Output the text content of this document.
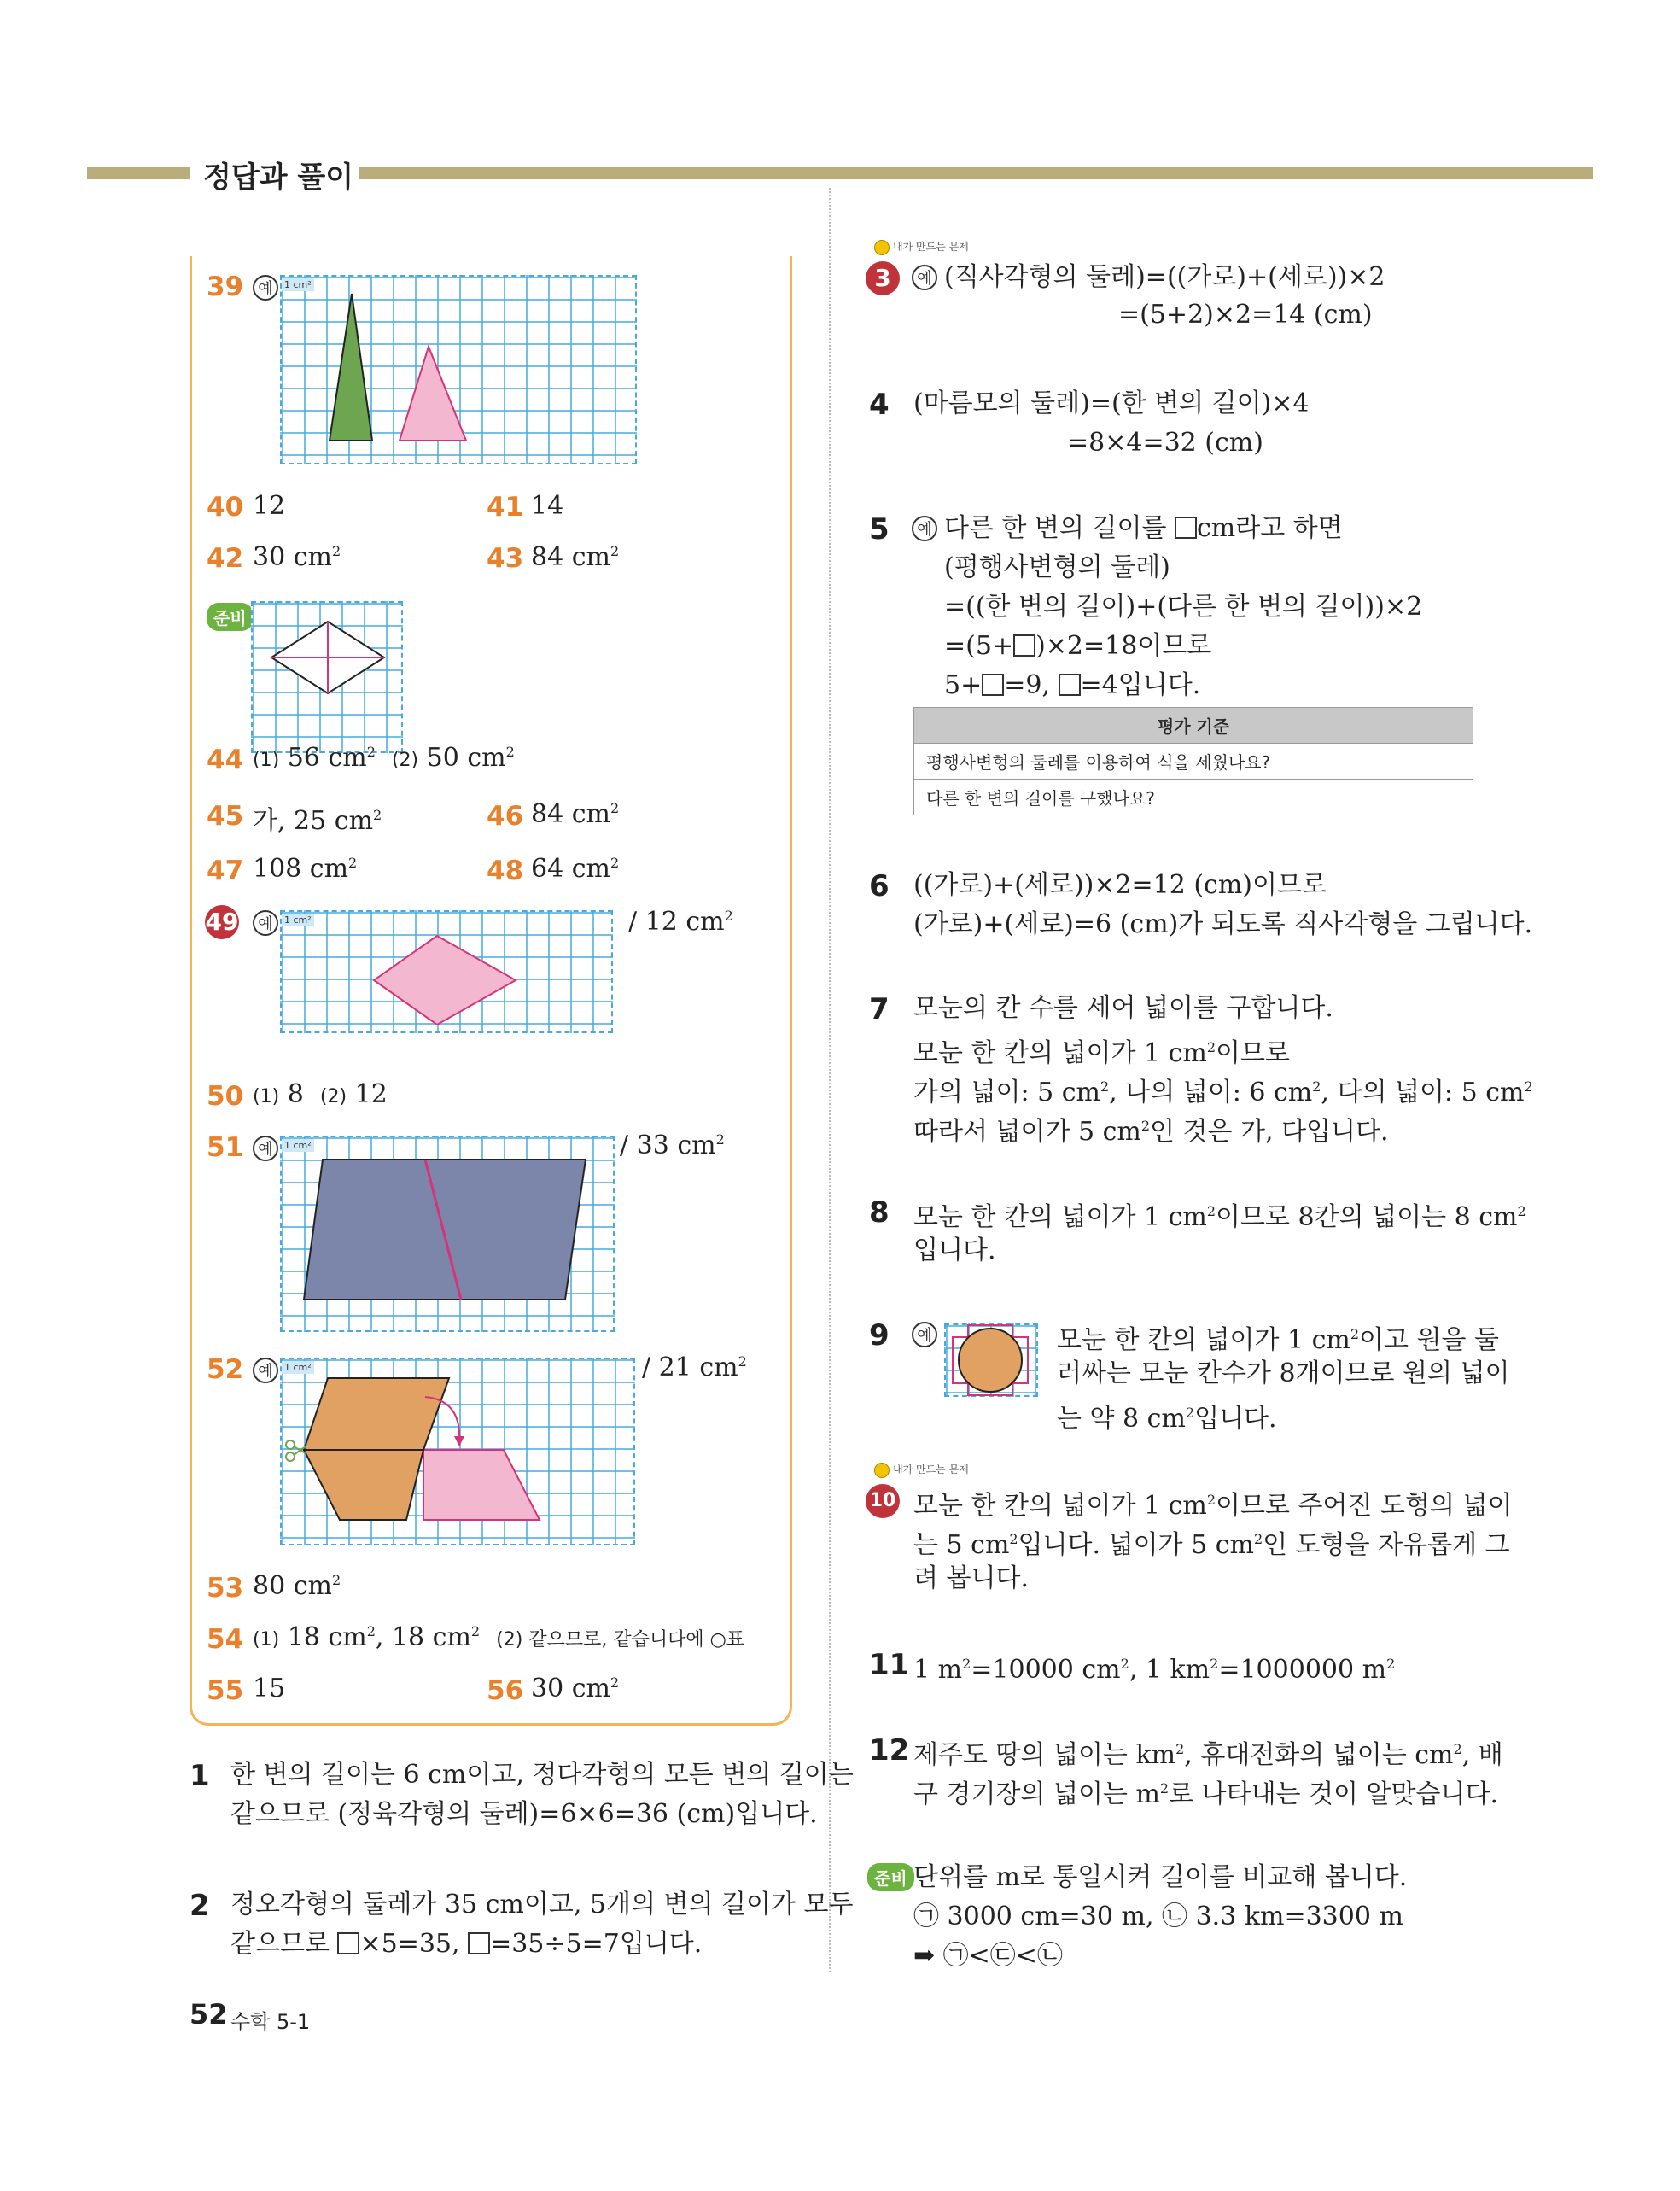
정답과 풀이
39 예	1 cm²
40 12	41 14
42 30 $cm^2$	43 84 $cm^2$
준비
44 (1) 56 $cm^2$ (2) 50 $cm^2$
45 가, 25 $cm^2$	46 84 $cm^2$
47 108 $cm^2$	48 64 $cm^2$
49	예	1 cm²	/ 12 $cm^2$
50 (1) 8 (2) 12
51 예	1 cm²	/ 33 $cm^2$
52 예	1 cm²	/ 21 $cm^2$
53 80 $cm^2$
54 (1) 18 $cm^2$, 18 $cm^2$ (2) 같으므로, 같습니다에 ○표
55 15	56 30 $cm^2$
1 한 변의 길이는 6 cm이고, 정다각형의 모든 변의 길이는
같으므로 (정육각형의 둘레)=6×6=36 (cm)입니다.
2 정오각형의 둘레가 35 cm이고, 5개의 변의 길이가 모두
같으므로 ×5=35, =35÷5=7입니다.
내가 만드는 문제
3	예 (직사각형의 둘레)=((가로)+(세로))×2
=(5+2)×2=14 (cm)
4 (마름모의 둘레)=(한 변의 길이)×4
=8×4=32 (cm)
5	예 다른 한 변의 길이를 cm라고 하면
(평행사변형의 둘레)
=((한 변의 길이)+(다른 한 변의 길이))×2
=(5+ )×2=18이므로
5+ =9, =4입니다.
평가 기준
평행사변형의 둘레를 이용하여 식을 세웠나요?
다른 한 변의 길이를 구했나요?
6 ((가로)+(세로))×2=12 (cm)이므로
(가로)+(세로)=6 (cm)가 되도록 직사각형을 그립니다.
7 모눈의 칸 수를 세어 넓이를 구합니다.
모눈 한 칸의 넓이가 1 $cm^2$이므로
가의 넓이: 5 $cm^2$, 나의 넓이: 6 $cm^2$, 다의 넓이: 5 $cm^2$
따라서 넓이가 5 $cm^2$인 것은 가, 다입니다.
8 모눈 한 칸의 넓이가 1 $cm^2$이므로 8칸의 넓이는 8 $cm^2$
입니다.
9	예	모눈 한 칸의 넓이가 1 $cm^2$이고 원을 둘
러싸는 모눈 칸수가 8개이므로 원의 넓이
는 약 8 $cm^2$입니다.
내가 만드는 문제
10 모눈 한 칸의 넓이가 1 $cm^2$이므로 주어진 도형의 넓이
는 5 $cm^2$입니다. 넓이가 5 $cm^2$인 도형을 자유롭게 그
려 봅니다.
11 1 $m^2=10000$ $cm^2$, 1 $km^2=1000000$ $m^2$
12 제주도 땅의 넓이는 $km^2$, 휴대전화의 넓이는 $cm^2$, 배
구 경기장의 넓이는 $m^2$로 나타내는 것이 알맞습니다.
준비 단위를 m로 통일시켜 길이를 비교해 봅니다.
㉠ 3000 cm=30 m, ㉡ 3.3 km=3300 m
➡ ㉠<㉢<㉡
52 수학 5-1
